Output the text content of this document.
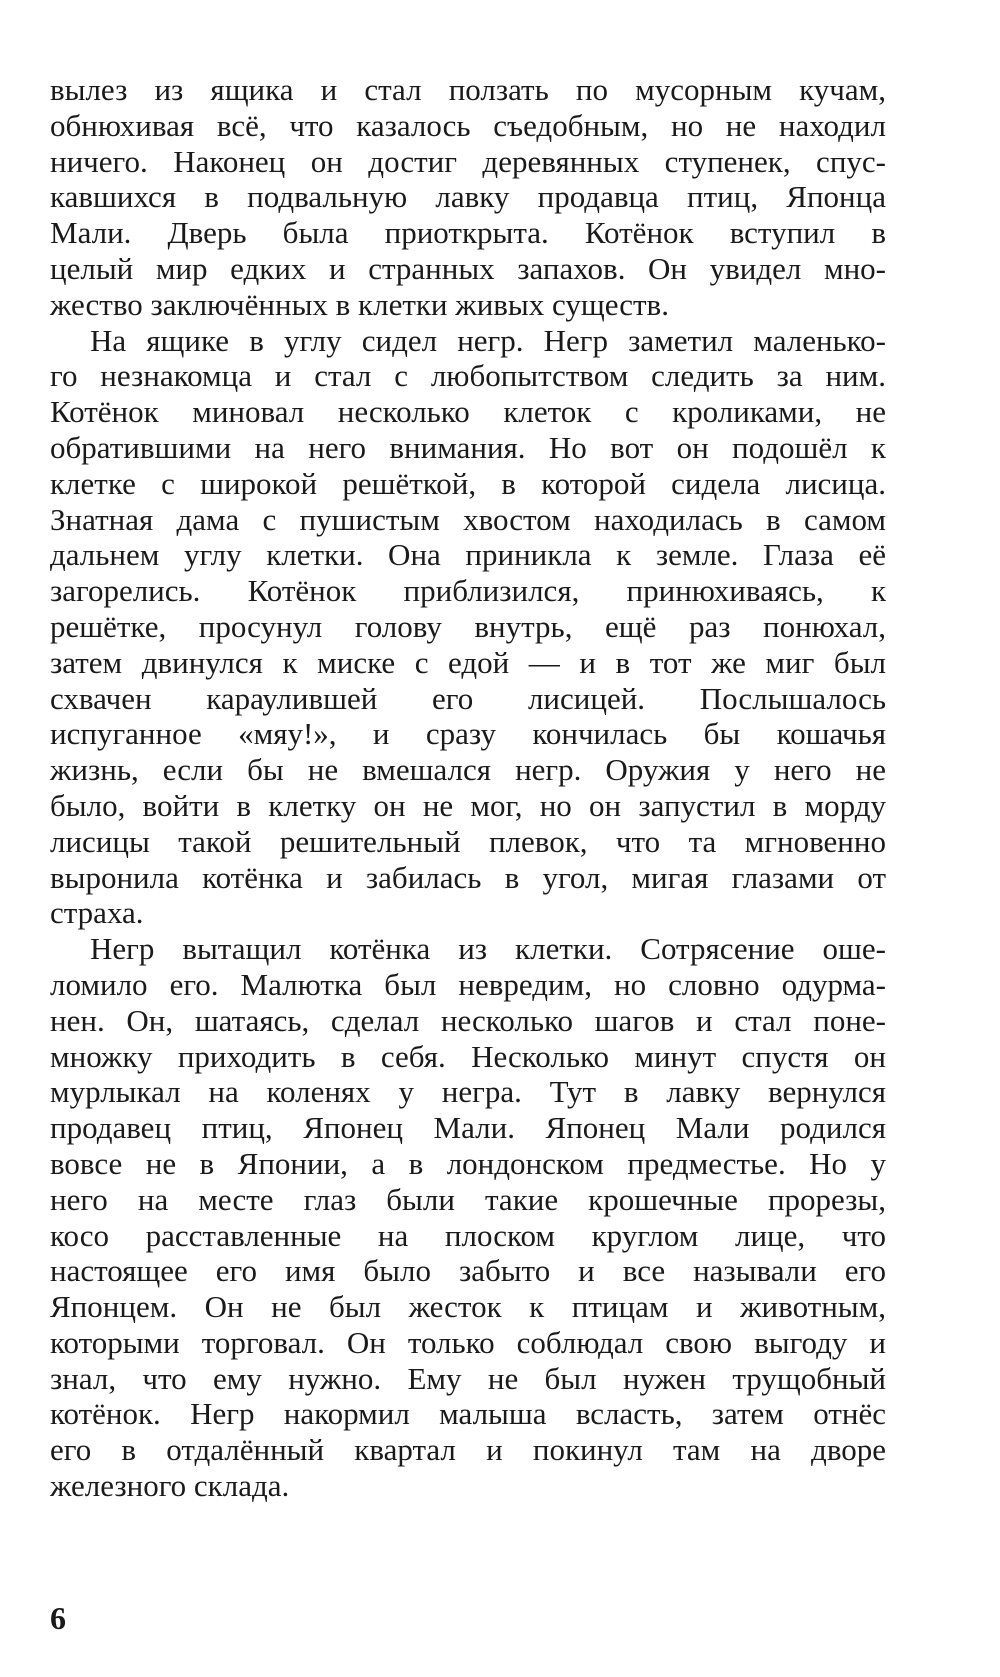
вылез из ящика и стал ползать по мусорным кучам,
обнюхивая всё, что казалось съедобным, но не находил
ничего. Наконец он достиг деревянных ступенек, спус-
кавшихся в подвальную лавку продавца птиц, Японца
Мали. Дверь была приоткрыта. Котёнок вступил в
целый мир едких и странных запахов. Он увидел мно-
жество заключённых в клетки живых существ.
На ящике в углу сидел негр. Негр заметил маленько-
го незнакомца и стал с любопытством следить за ним.
Котёнок миновал несколько клеток с кроликами, не
обратившими на него внимания. Но вот он подошёл к
клетке с широкой решёткой, в которой сидела лисица.
Знатная дама с пушистым хвостом находилась в самом
дальнем углу клетки. Она приникла к земле. Глаза её
загорелись. Котёнок приблизился, принюхиваясь, к
решётке, просунул голову внутрь, ещё раз понюхал,
затем двинулся к миске с едой — и в тот же миг был
схвачен караулившей его лисицей. Послышалось
испуганное «мяу!», и сразу кончилась бы кошачья
жизнь, если бы не вмешался негр. Оружия у него не
было, войти в клетку он не мог, но он запустил в морду
лисицы такой решительный плевок, что та мгновенно
выронила котёнка и забилась в угол, мигая глазами от
страха.
Негр вытащил котёнка из клетки. Сотрясение оше-
ломило его. Малютка был невредим, но словно одурма-
нен. Он, шатаясь, сделал несколько шагов и стал поне-
множку приходить в себя. Несколько минут спустя он
мурлыкал на коленях у негра. Тут в лавку вернулся
продавец птиц, Японец Мали. Японец Мали родился
вовсе не в Японии, а в лондонском предместье. Но у
него на месте глаз были такие крошечные прорезы,
косо расставленные на плоском круглом лице, что
настоящее его имя было забыто и все называли его
Японцем. Он не был жесток к птицам и животным,
которыми торговал. Он только соблюдал свою выгоду и
знал, что ему нужно. Ему не был нужен трущобный
котёнок. Негр накормил малыша всласть, затем отнёс
его в отдалённый квартал и покинул там на дворе
железного склада.
6
